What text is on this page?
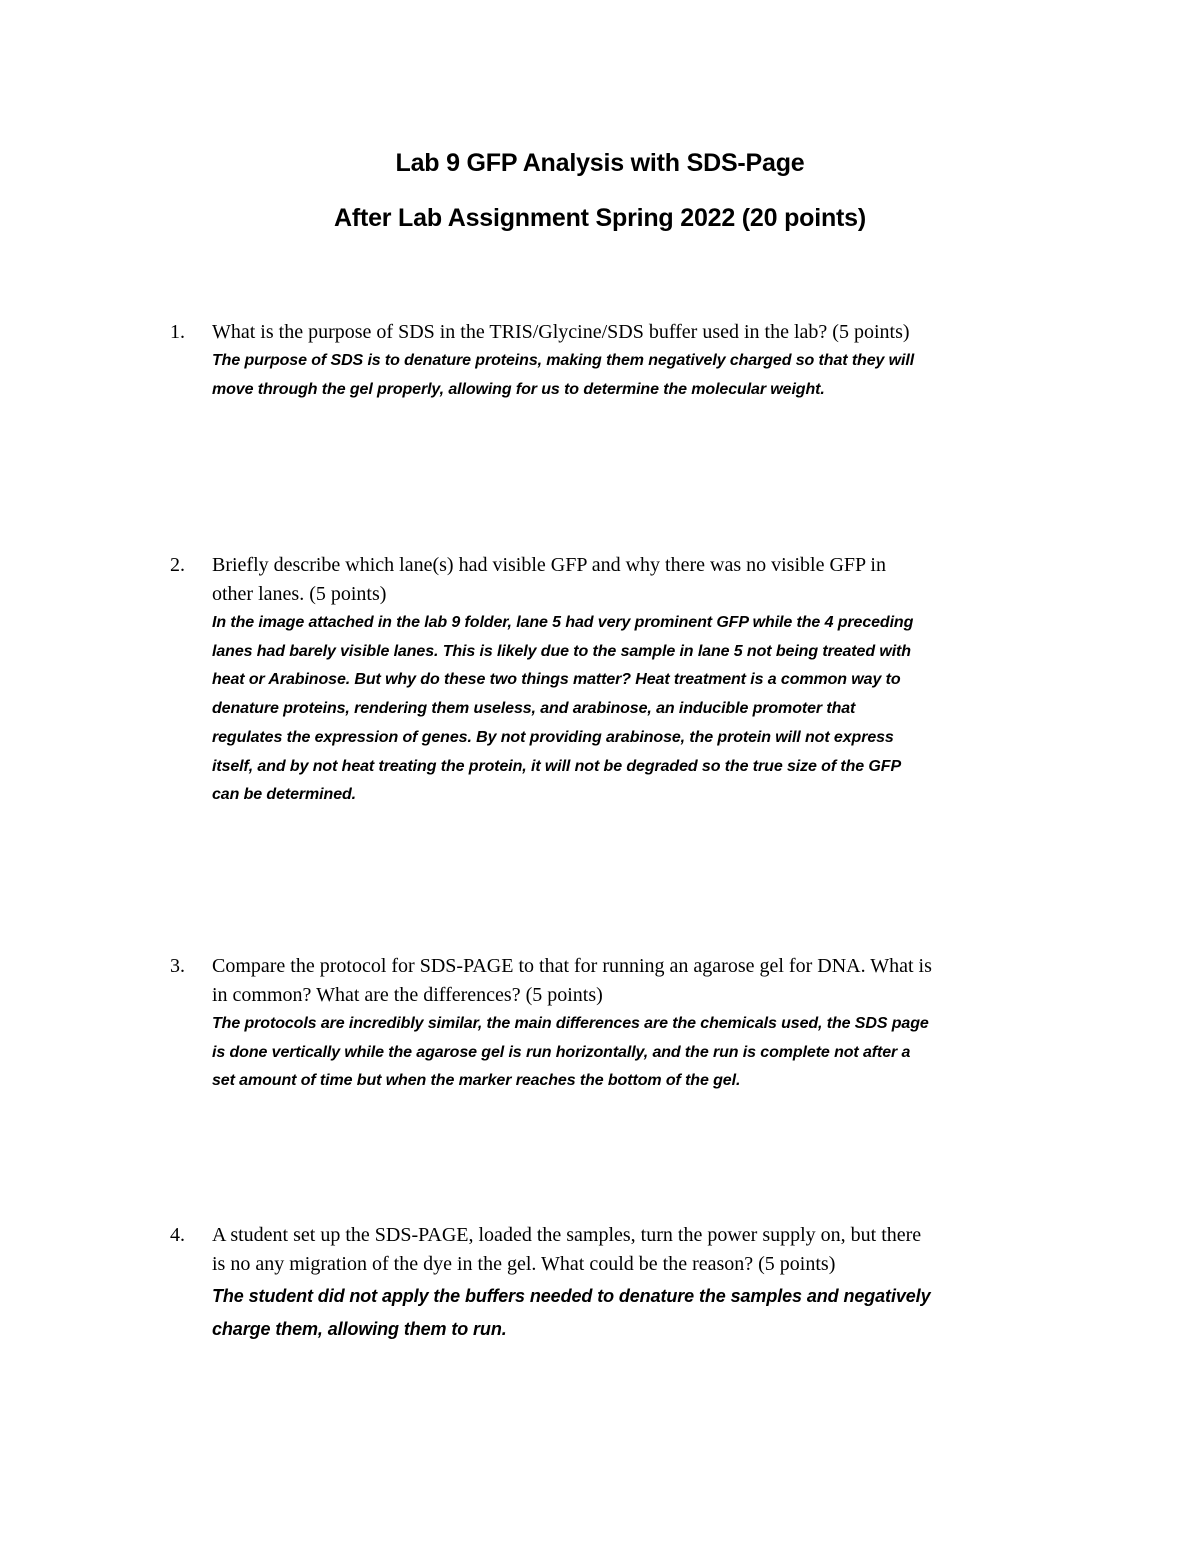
Lab 9 GFP Analysis with SDS-Page
After Lab Assignment Spring 2022 (20 points)
1. What is the purpose of SDS in the TRIS/Glycine/SDS buffer used in the lab? (5 points)

The purpose of SDS is to denature proteins, making them negatively charged so that they will

move through the gel properly, allowing for us to determine the molecular weight.

2. Briefly describe which lane(s) had visible GFP and why there was no visible GFP in

other lanes. (5 points)

In the image attached in the lab 9 folder, lane 5 had very prominent GFP while the 4 preceding

lanes had barely visible lanes. This is likely due to the sample in lane 5 not being treated with

heat or Arabinose. But why do these two things matter? Heat treatment is a common way to

denature proteins, rendering them useless, and arabinose, an inducible promoter that

regulates the expression of genes. By not providing arabinose, the protein will not express

itself, and by not heat treating the protein, it will not be degraded so the true size of the GFP

can be determined.

3. Compare the protocol for SDS-PAGE to that for running an agarose gel for DNA. What is

in common? What are the differences? (5 points)

The protocols are incredibly similar, the main differences are the chemicals used, the SDS page

is done vertically while the agarose gel is run horizontally, and the run is complete not after a

set amount of time but when the marker reaches the bottom of the gel.

4. A student set up the SDS-PAGE, loaded the samples, turn the power supply on, but there

is no any migration of the dye in the gel. What could be the reason? (5 points)

The student did not apply the buffers needed to denature the samples and negatively

charge them, allowing them to run.
